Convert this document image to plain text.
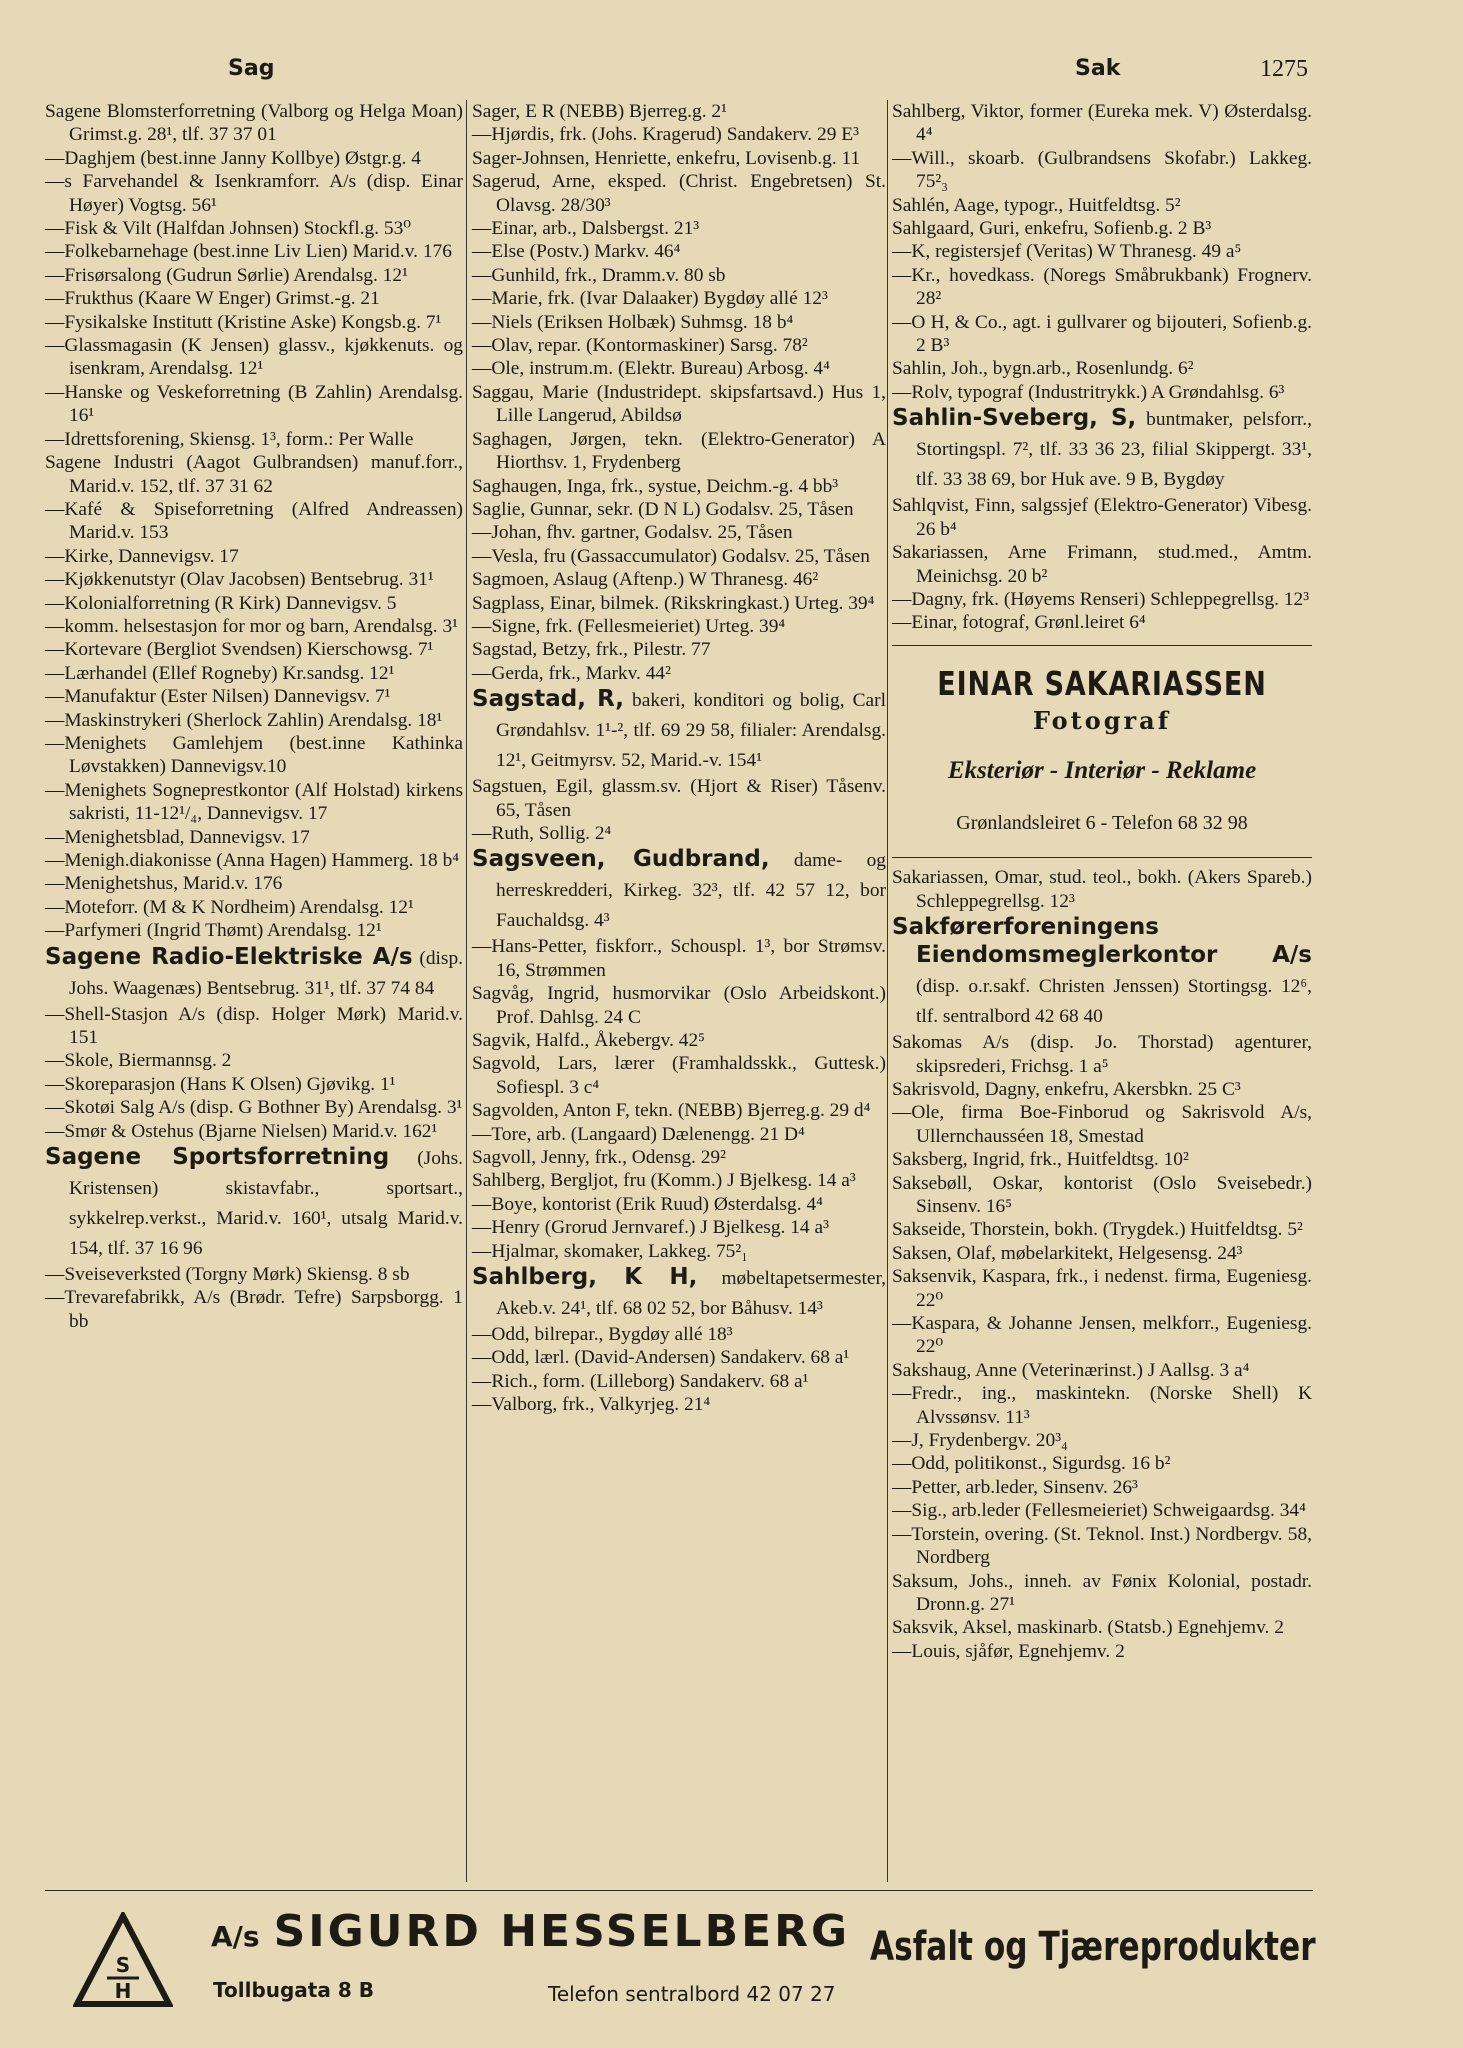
Sag	Sak	1275
Sagene Blomsterforretning (Valborg og Helga Moan) Grimst.g. 28¹, tlf. 37 37 01
—Daghjem (best.inne Janny Kollbye) Østgr.g. 4
—s Farvehandel & Isenkramforr. A/s (disp. Einar Høyer) Vogtsg. 56¹
—Fisk & Vilt (Halfdan Johnsen) Stockfl.g. 53⁰
—Folkebarnehage (best.inne Liv Lien) Marid.v. 176
—Frisørsalong (Gudrun Sørlie) Arendalsg. 12¹
—Frukthus (Kaare W Enger) Grimst.-g. 21
—Fysikalske Institutt (Kristine Aske) Kongsb.g. 7¹
—Glassmagasin (K Jensen) glassv., kjøkkenuts. og isenkram, Arendalsg. 12¹
—Hanske og Veskeforretning (B Zahlin) Arendalsg. 16¹
—Idrettsforening, Skiensg. 1³, form.: Per Walle
Sagene Industri (Aagot Gulbrandsen) manuf.forr., Marid.v. 152, tlf. 37 31 62
—Kafé & Spiseforretning (Alfred Andreassen) Marid.v. 153
—Kirke, Dannevigsv. 17
—Kjøkkenutstyr (Olav Jacobsen) Bentsebrug. 31¹
—Kolonialforretning (R Kirk) Dannevigsv. 5
—komm. helsestasjon for mor og barn, Arendalsg. 3¹
—Kortevare (Bergliot Svendsen) Kierschowsg. 7¹
—Lærhandel (Ellef Rogneby) Kr.sandsg. 12¹
—Manufaktur (Ester Nilsen) Dannevigsv. 7¹
—Maskinstrykeri (Sherlock Zahlin) Arendalsg. 18¹
—Menighets Gamlehjem (best.inne Kathinka Løvstakken) Dannevigsv.10
—Menighets Sogneprestkontor (Alf Holstad) kirkens sakristi, 11-12¹/₄, Dannevigsv. 17
—Menighetsblad, Dannevigsv. 17
—Menigh.diakonisse (Anna Hagen) Hammerg. 18 b⁴
—Menighetshus, Marid.v. 176
—Moteforr. (M & K Nordheim) Arendalsg. 12¹
—Parfymeri (Ingrid Thømt) Arendalsg. 12¹
Sagene Radio-Elektriske A/s (disp. Johs. Waagenæs) Bentsebrug. 31¹, tlf. 37 74 84
—Shell-Stasjon A/s (disp. Holger Mørk) Marid.v. 151
—Skole, Biermannsg. 2
—Skoreparasjon (Hans K Olsen) Gjøvikg. 1¹
—Skotøi Salg A/s (disp. G Bothner By) Arendalsg. 3¹
—Smør & Ostehus (Bjarne Nielsen) Marid.v. 162¹
Sagene Sportsforretning (Johs. Kristensen) skistavfabr., sportsart., sykkelrep.verkst., Marid.v. 160¹, utsalg Marid.v. 154, tlf. 37 16 96
—Sveiseverksted (Torgny Mørk) Skiensg. 8 sb
—Trevarefabrikk, A/s (Brødr. Tefre) Sarpsborgg. 1 bb
Sager, E R (NEBB) Bjerreg.g. 2¹
—Hjørdis, frk. (Johs. Kragerud) Sandakerv. 29 E³
Sager-Johnsen, Henriette, enkefru, Lovisenb.g. 11
Sagerud, Arne, eksped. (Christ. Engebretsen) St. Olavsg. 28/30³
—Einar, arb., Dalsbergst. 21³
—Else (Postv.) Markv. 46⁴
—Gunhild, frk., Dramm.v. 80 sb
—Marie, frk. (Ivar Dalaaker) Bygdøy allé 12³
—Niels (Eriksen Holbæk) Suhmsg. 18 b⁴
—Olav, repar. (Kontormaskiner) Sarsg. 78²
—Ole, instrum.m. (Elektr. Bureau) Arbosg. 4⁴
Saggau, Marie (Industridept. skipsfartsavd.) Hus 1, Lille Langerud, Abildsø
Saghagen, Jørgen, tekn. (Elektro-Generator) A Hiorthsv. 1, Frydenberg
Saghaugen, Inga, frk., systue, Deichm.-g. 4 bb³
Saglie, Gunnar, sekr. (D N L) Godalsv. 25, Tåsen
—Johan, fhv. gartner, Godalsv. 25, Tåsen
—Vesla, fru (Gassaccumulator) Godalsv. 25, Tåsen
Sagmoen, Aslaug (Aftenp.) W Thranesg. 46²
Sagplass, Einar, bilmek. (Rikskringkast.) Urteg. 39⁴
—Signe, frk. (Fellesmeieriet) Urteg. 39⁴
Sagstad, Betzy, frk., Pilestr. 77
—Gerda, frk., Markv. 44²
Sagstad, R, bakeri, konditori og bolig, Carl Grøndahlsv. 1¹-², tlf. 69 29 58, filialer: Arendalsg. 12¹, Geitmyrsv. 52, Marid.-v. 154¹
Sagstuen, Egil, glassm.sv. (Hjort & Riser) Tåsenv. 65, Tåsen
—Ruth, Sollig. 2⁴
Sagsveen, Gudbrand, dame- og herreskredderi, Kirkeg. 32³, tlf. 42 57 12, bor Fauchaldsg. 4³
—Hans-Petter, fiskforr., Schouspl. 1³, bor Strømsv. 16, Strømmen
Sagvåg, Ingrid, husmorvikar (Oslo Arbeidskont.) Prof. Dahlsg. 24 C
Sagvik, Halfd., Åkebergv. 42⁵
Sagvold, Lars, lærer (Framhaldsskk., Guttesk.) Sofiespl. 3 c⁴
Sagvolden, Anton F, tekn. (NEBB) Bjerreg.g. 29 d⁴
—Tore, arb. (Langaard) Dælenengg. 21 D⁴
Sagvoll, Jenny, frk., Odensg. 29²
Sahlberg, Bergljot, fru (Komm.) J Bjelkesg. 14 a³
—Boye, kontorist (Erik Ruud) Østerdalsg. 4⁴
—Henry (Grorud Jernvaref.) J Bjelkesg. 14 a³
—Hjalmar, skomaker, Lakkeg. 75²₁
Sahlberg, K H, møbeltapetsermester, Akeb.v. 24¹, tlf. 68 02 52, bor Båhusv. 14³
—Odd, bilrepar., Bygdøy allé 18³
—Odd, lærl. (David-Andersen) Sandakerv. 68 a¹
—Rich., form. (Lilleborg) Sandakerv. 68 a¹
—Valborg, frk., Valkyrjeg. 21⁴
Sahlberg, Viktor, former (Eureka mek. V) Østerdalsg. 4⁴
—Will., skoarb. (Gulbrandsens Skofabr.) Lakkeg. 75²₃
Sahlén, Aage, typogr., Huitfeldtsg. 5²
Sahlgaard, Guri, enkefru, Sofienb.g. 2 B³
—K, registersjef (Veritas) W Thranesg. 49 a⁵
—Kr., hovedkass. (Noregs Småbrukbank) Frognerv. 28²
—O H, & Co., agt. i gullvarer og bijouteri, Sofienb.g. 2 B³
Sahlin, Joh., bygn.arb., Rosenlundg. 6²
—Rolv, typograf (Industritrykk.) A Grøndahlsg. 6³
Sahlin-Sveberg, S, buntmaker, pelsforr., Stortingspl. 7², tlf. 33 36 23, filial Skippergt. 33¹, tlf. 33 38 69, bor Huk ave. 9 B, Bygdøy
Sahlqvist, Finn, salgssjef (Elektro-Generator) Vibesg. 26 b⁴
Sakariassen, Arne Frimann, stud.med., Amtm. Meinichsg. 20 b²
—Dagny, frk. (Høyems Renseri) Schleppegrellsg. 12³
—Einar, fotograf, Grønl.leiret 6⁴
EINAR SAKARIASSEN
Fotograf
Eksteriør - Interiør - Reklame
Grønlandsleiret 6 - Telefon 68 32 98
Sakariassen, Omar, stud. teol., bokh. (Akers Spareb.) Schleppegrellsg. 12³
Sakførerforeningens Eiendomsmeglerkontor A/s (disp. o.r.sakf. Christen Jenssen) Stortingsg. 12⁶, tlf. sentralbord 42 68 40
Sakomas A/s (disp. Jo. Thorstad) agenturer, skipsrederi, Frichsg. 1 a⁵
Sakrisvold, Dagny, enkefru, Akersbkn. 25 C³
—Ole, firma Boe-Finborud og Sakrisvold A/s, Ullernchausséen 18, Smestad
Saksberg, Ingrid, frk., Huitfeldtsg. 10²
Saksebøll, Oskar, kontorist (Oslo Sveisebedr.) Sinsenv. 16⁵
Sakseide, Thorstein, bokh. (Trygdek.) Huitfeldtsg. 5²
Saksen, Olaf, møbelarkitekt, Helgesensg. 24³
Saksenvik, Kaspara, frk., i nedenst. firma, Eugeniesg. 22⁰
—Kaspara, & Johanne Jensen, melkforr., Eugeniesg. 22⁰
Sakshaug, Anne (Veterinærinst.) J Aallsg. 3 a⁴
—Fredr., ing., maskintekn. (Norske Shell) K Alvssønsv. 11³
—J, Frydenbergv. 20³₄
—Odd, politikonst., Sigurdsg. 16 b²
—Petter, arb.leder, Sinsenv. 26³
—Sig., arb.leder (Fellesmeieriet) Schweigaardsg. 34⁴
—Torstein, overing. (St. Teknol. Inst.) Nordbergv. 58, Nordberg
Saksum, Johs., inneh. av Fønix Kolonial, postadr. Dronn.g. 27¹
Saksvik, Aksel, maskinarb. (Statsb.) Egnehjemv. 2
—Louis, sjåfør, Egnehjemv. 2
S
H
A/s SIGURD HESSELBERG
Tollbugata 8 B	Telefon sentralbord 42 07 27
Asfalt og Tjæreprodukter
